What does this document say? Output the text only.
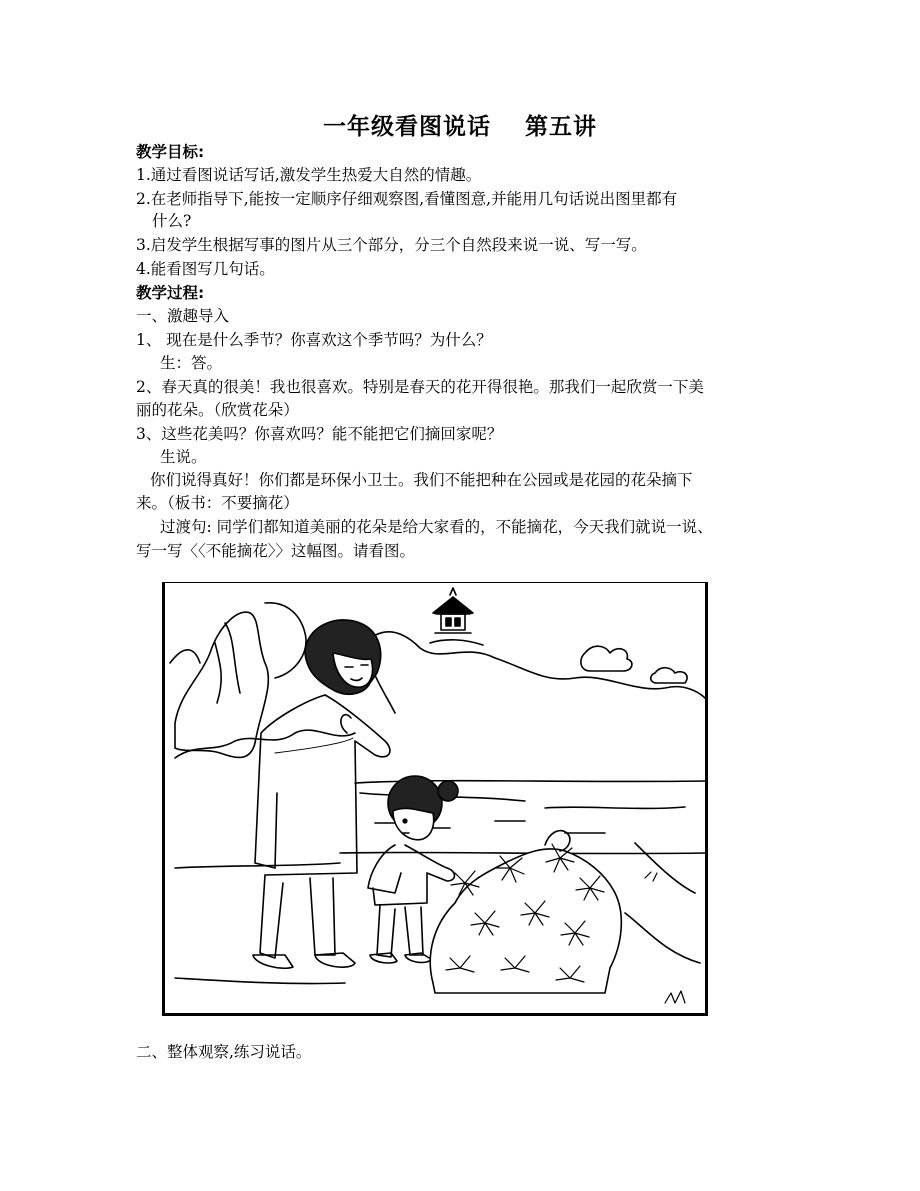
一年级看图说话 第五讲
教学目标:
1.通过看图说话写话,激发学生热爱大自然的情趣。
2.在老师指导下,能按一定顺序仔细观察图,看懂图意,并能用几句话说出图里都有
什么?
3.启发学生根据写事的图片从三个部分，分三个自然段来说一说、写一写。
4.能看图写几句话。
教学过程:
一、激趣导入
1、 现在是什么季节？你喜欢这个季节吗？为什么？
生：答。
2、春天真的很美！我也很喜欢。特别是春天的花开得很艳。那我们一起欣赏一下美
丽的花朵。（欣赏花朵）
3、这些花美吗？你喜欢吗？能不能把它们摘回家呢？
生说。
你们说得真好！你们都是环保小卫士。我们不能把种在公园或是花园的花朵摘下
来。（板书：不要摘花）
过渡句: 同学们都知道美丽的花朵是给大家看的，不能摘花，今天我们就说一说、
写一写〈〈不能摘花〉〉这幅图。请看图。
二、整体观察,练习说话。
